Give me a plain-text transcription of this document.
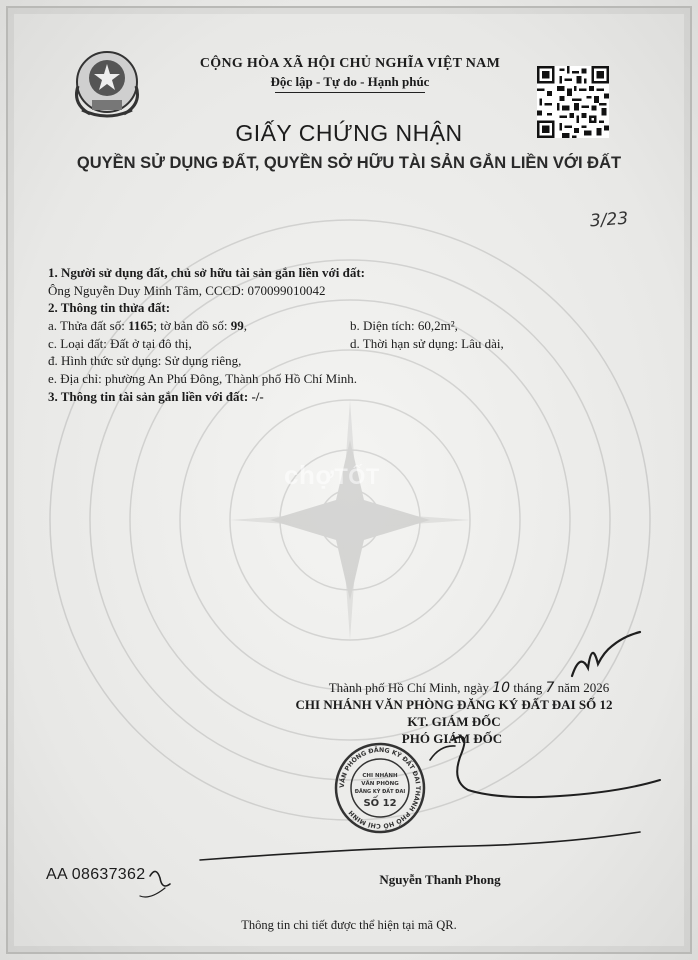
chợTỐT
CỘNG HÒA XÃ HỘI CHỦ NGHĨA VIỆT NAM
Độc lập - Tự do - Hạnh phúc
GIẤY CHỨNG NHẬN
QUYỀN SỬ DỤNG ĐẤT, QUYỀN SỞ HỮU TÀI SẢN GẮN LIỀN VỚI ĐẤT
3/23
1. Người sử dụng đất, chủ sở hữu tài sản gắn liền với đất:
Ông Nguyễn Duy Minh Tâm, CCCD: 070099010042
2. Thông tin thửa đất:
a. Thửa đất số: 1165; tờ bản đồ số: 99,	b. Diện tích: 60,2m²,
c. Loại đất: Đất ở tại đô thị,	d. Thời hạn sử dụng: Lâu dài,
đ. Hình thức sử dụng: Sử dụng riêng,
e. Địa chỉ: phường An Phú Đông, Thành phố Hồ Chí Minh.
3. Thông tin tài sản gắn liền với đất: -/-
Thành phố Hồ Chí Minh, ngày 10 tháng 7 năm 2026
CHI NHÁNH VĂN PHÒNG ĐĂNG KÝ ĐẤT ĐAI SỐ 12
KT. GIÁM ĐỐC
PHÓ GIÁM ĐỐC
VĂN PHÒNG ĐĂNG KÝ ĐẤT ĐAI THÀNH PHỐ HỒ CHÍ MINH
CHI NHÁNH
VĂN PHÒNG
ĐĂNG KÝ ĐẤT ĐAI
SỐ 12
AA 08637362	Nguyễn Thanh Phong
Thông tin chi tiết được thể hiện tại mã QR.
